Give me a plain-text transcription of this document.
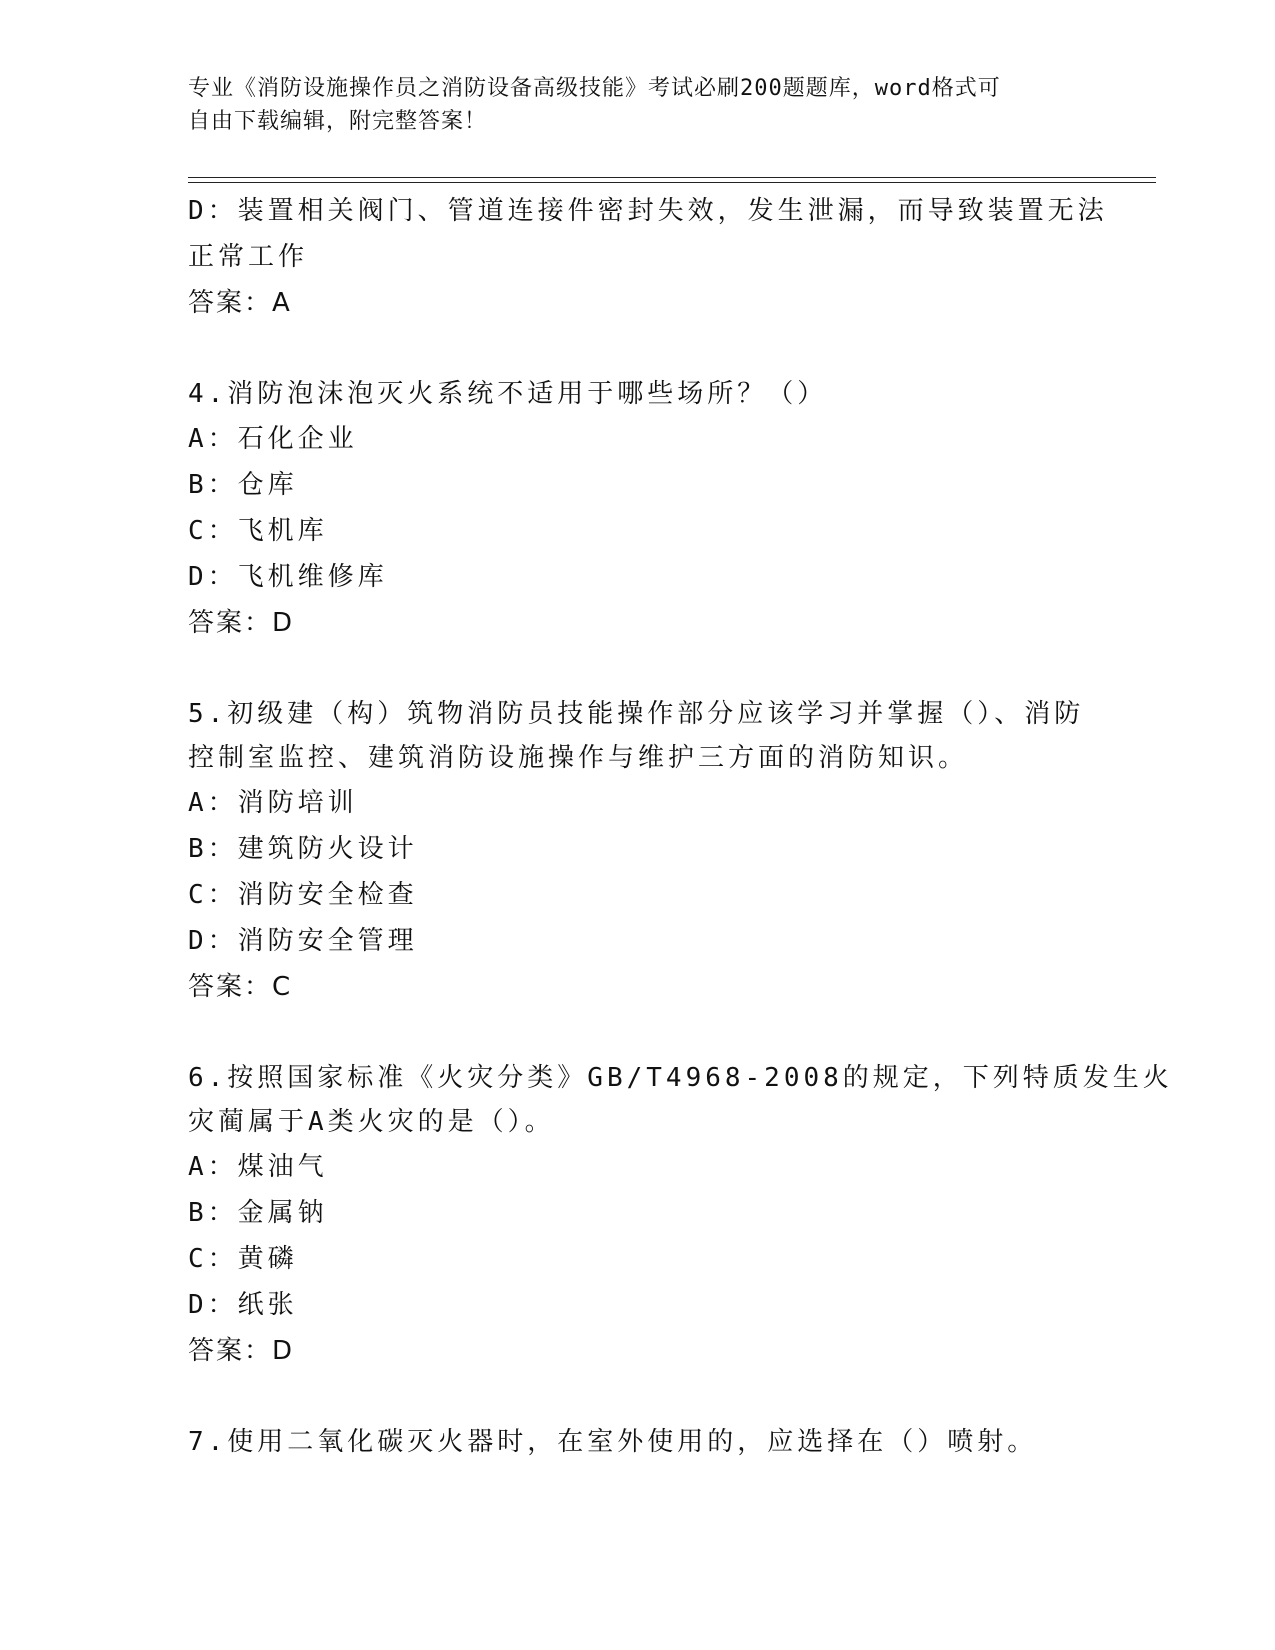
专业《消防设施操作员之消防设备高级技能》考试必刷200题题库，word格式可
自由下载编辑，附完整答案！
D：装置相关阀门、管道连接件密封失效，发生泄漏，而导致装置无法
正常工作
答案：A
4.消防泡沫泡灭火系统不适用于哪些场所？（）
A：石化企业
B：仓库
C：飞机库
D：飞机维修库
答案：D
5.初级建（构）筑物消防员技能操作部分应该学习并掌握（）、消防
控制室监控、建筑消防设施操作与维护三方面的消防知识。
A：消防培训
B：建筑防火设计
C：消防安全检查
D：消防安全管理
答案：C
6.按照国家标准《火灾分类》GB/T4968-2008的规定，下列特质发生火
灾蔺属于A类火灾的是（）。
A：煤油气
B：金属钠
C：黄磷
D：纸张
答案：D
7.使用二氧化碳灭火器时，在室外使用的，应选择在（）喷射。
